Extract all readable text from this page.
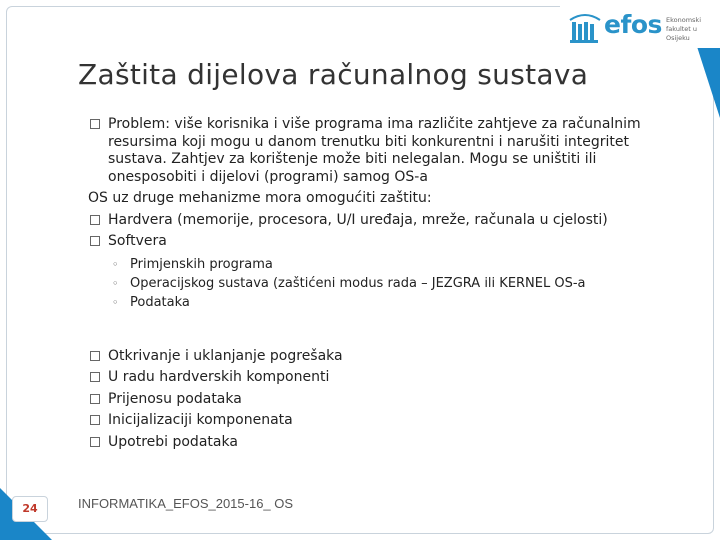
efos Ekonomski fakultet u Osijeku
Zaštita dijelova računalnog sustava
Problem: više korisnika i više programa ima različite zahtjeve za računalnim resursima koji mogu u danom trenutku biti konkurentni i narušiti integritet sustava. Zahtjev za korištenje može biti nelegalan. Mogu se uništiti ili onesposobiti i dijelovi (programi) samog OS-a
OS uz druge mehanizme mora omogućiti zaštitu:
Hardvera (memorije, procesora, U/I uređaja, mreže, računala u cjelosti)
Softvera
◦ Primjenskih programa
◦ Operacijskog sustava (zaštićeni modus rada – JEZGRA ili KERNEL OS-a
◦ Podataka
Otkrivanje i uklanjanje pogrešaka
U radu hardverskih komponenti
Prijenosu podataka
Inicijalizaciji komponenata
Upotrebi podataka
24	INFORMATIKA_EFOS_2015-16_ OS
